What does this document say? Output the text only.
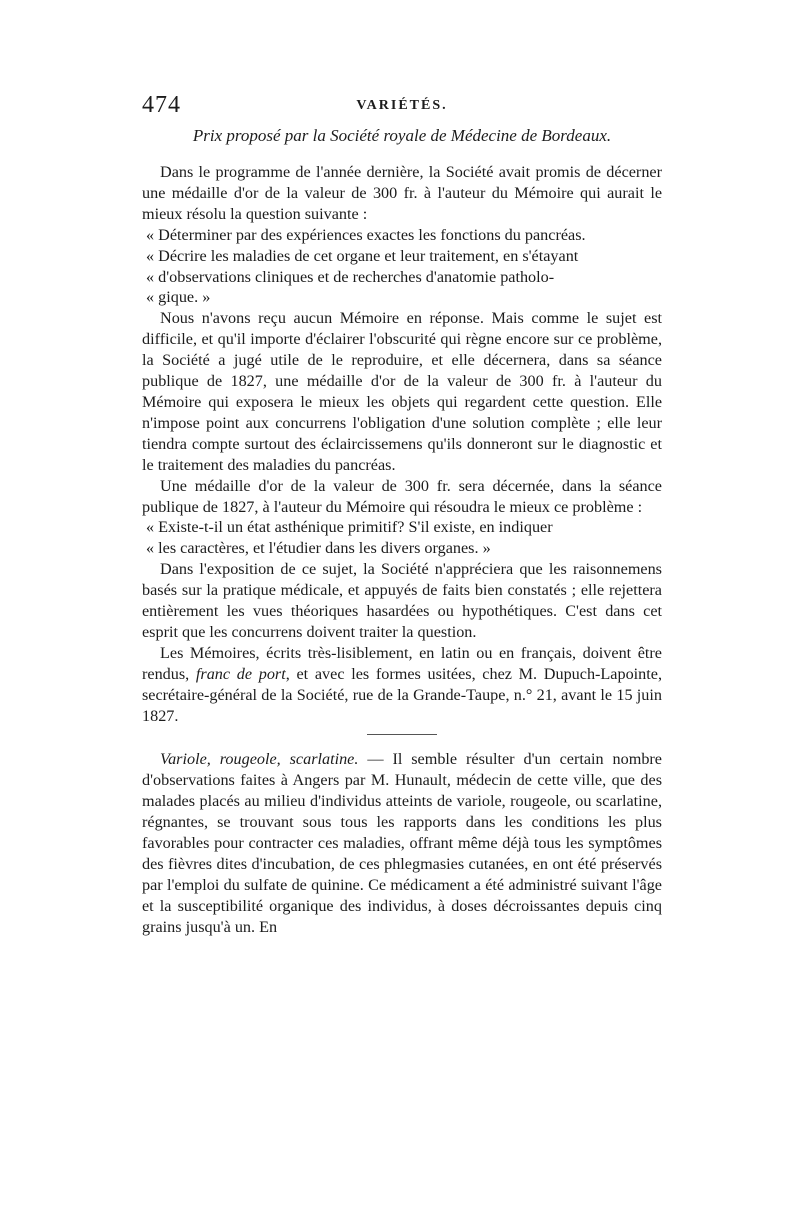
474	VARIÉTÉS.
Prix proposé par la Société royale de Médecine de Bordeaux.

Dans le programme de l'année dernière, la Société avait promis de décerner une médaille d'or de la valeur de 300 fr. à l'auteur du Mémoire qui aurait le mieux résolu la question suivante :

« Déterminer par des expériences exactes les fonctions du pancréas.
« Décrire les maladies de cet organe et leur traitement, en s'étayant
« d'observations cliniques et de recherches d'anatomie patholo-
« gique. »

Nous n'avons reçu aucun Mémoire en réponse. Mais comme le sujet est difficile, et qu'il importe d'éclairer l'obscurité qui règne encore sur ce problème, la Société a jugé utile de le reproduire, et elle décernera, dans sa séance publique de 1827, une médaille d'or de la valeur de 300 fr. à l'auteur du Mémoire qui exposera le mieux les objets qui regardent cette question. Elle n'impose point aux concurrens l'obligation d'une solution complète ; elle leur tiendra compte surtout des éclaircissemens qu'ils donneront sur le diagnostic et le traitement des maladies du pancréas.

Une médaille d'or de la valeur de 300 fr. sera décernée, dans la séance publique de 1827, à l'auteur du Mémoire qui résoudra le mieux ce problème :

« Existe-t-il un état asthénique primitif? S'il existe, en indiquer
« les caractères, et l'étudier dans les divers organes. »

Dans l'exposition de ce sujet, la Société n'appréciera que les raisonnemens basés sur la pratique médicale, et appuyés de faits bien constatés ; elle rejettera entièrement les vues théoriques hasardées ou hypothétiques. C'est dans cet esprit que les concurrens doivent traiter la question.

Les Mémoires, écrits très-lisiblement, en latin ou en français, doivent être rendus, franc de port, et avec les formes usitées, chez M. Dupuch-Lapointe, secrétaire-général de la Société, rue de la Grande-Taupe, n.° 21, avant le 15 juin 1827.

Variole, rougeole, scarlatine. — Il semble résulter d'un certain nombre d'observations faites à Angers par M. Hunault, médecin de cette ville, que des malades placés au milieu d'individus atteints de variole, rougeole, ou scarlatine, régnantes, se trouvant sous tous les rapports dans les conditions les plus favorables pour contracter ces maladies, offrant même déjà tous les symptômes des fièvres dites d'incubation, de ces phlegmasies cutanées, en ont été préservés par l'emploi du sulfate de quinine. Ce médicament a été administré suivant l'âge et la susceptibilité organique des individus, à doses décroissantes depuis cinq grains jusqu'à un. En
